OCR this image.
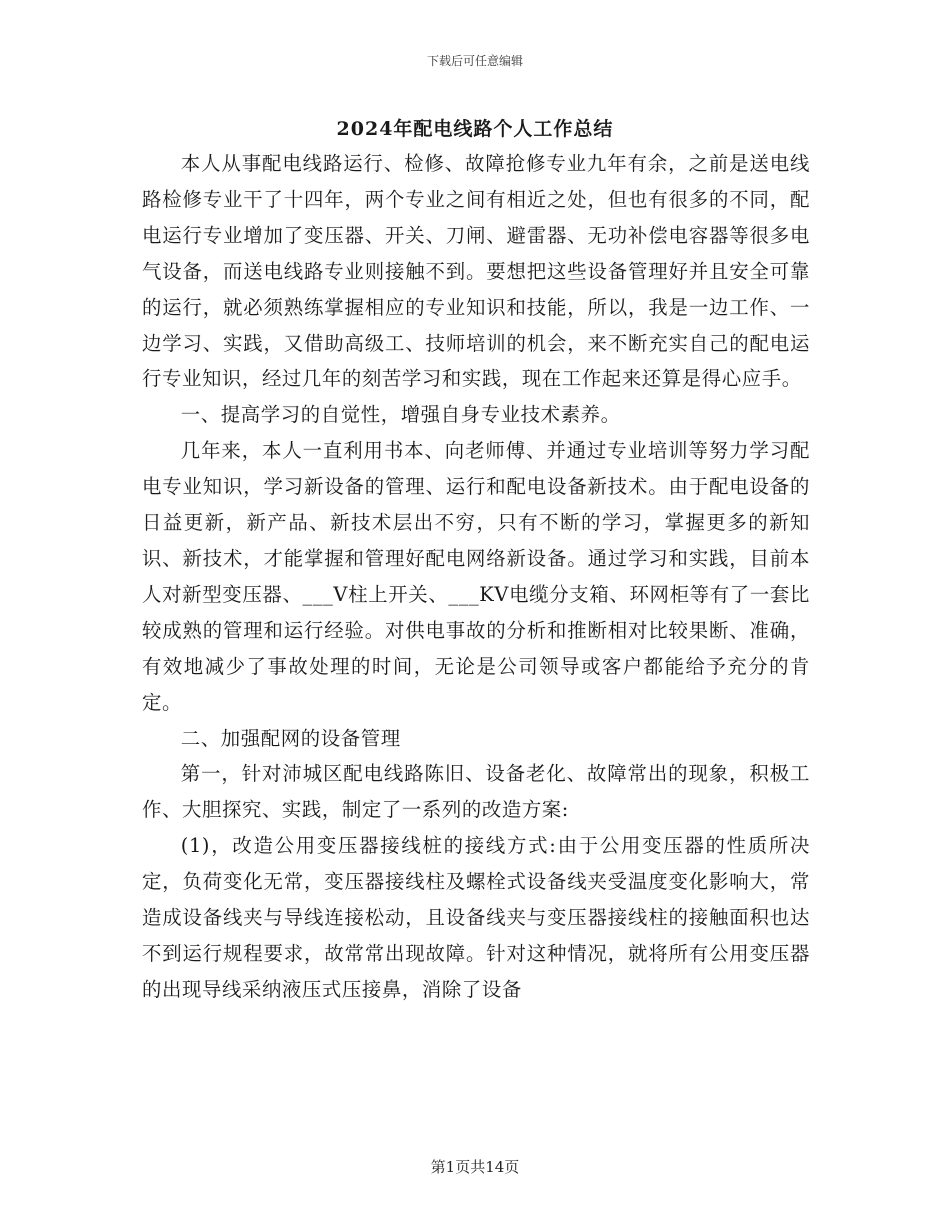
下载后可任意编辑
2024年配电线路个人工作总结

本人从事配电线路运行、检修、故障抢修专业九年有余，之前是送电线路检修专业干了十四年，两个专业之间有相近之处，但也有很多的不同，配电运行专业增加了变压器、开关、刀闸、避雷器、无功补偿电容器等很多电气设备，而送电线路专业则接触不到。要想把这些设备管理好并且安全可靠的运行，就必须熟练掌握相应的专业知识和技能，所以，我是一边工作、一边学习、实践，又借助高级工、技师培训的机会，来不断充实自己的配电运行专业知识，经过几年的刻苦学习和实践，现在工作起来还算是得心应手。

一、提高学习的自觉性，增强自身专业技术素养。

几年来，本人一直利用书本、向老师傅、并通过专业培训等努力学习配电专业知识，学习新设备的管理、运行和配电设备新技术。由于配电设备的日益更新，新产品、新技术层出不穷，只有不断的学习，掌握更多的新知识、新技术，才能掌握和管理好配电网络新设备。通过学习和实践，目前本人对新型变压器、___V柱上开关、___KV电缆分支箱、环网柜等有了一套比较成熟的管理和运行经验。对供电事故的分析和推断相对比较果断、准确，有效地减少了事故处理的时间，无论是公司领导或客户都能给予充分的肯定。

二、加强配网的设备管理

第一，针对沛城区配电线路陈旧、设备老化、故障常出的现象，积极工作、大胆探究、实践，制定了一系列的改造方案:

(1)，改造公用变压器接线桩的接线方式:由于公用变压器的性质所决定，负荷变化无常，变压器接线柱及螺栓式设备线夹受温度变化影响大，常造成设备线夹与导线连接松动，且设备线夹与变压器接线柱的接触面积也达不到运行规程要求，故常常出现故障。针对这种情况，就将所有公用变压器的出现导线采纳液压式压接鼻，消除了设备

第1页共14页
